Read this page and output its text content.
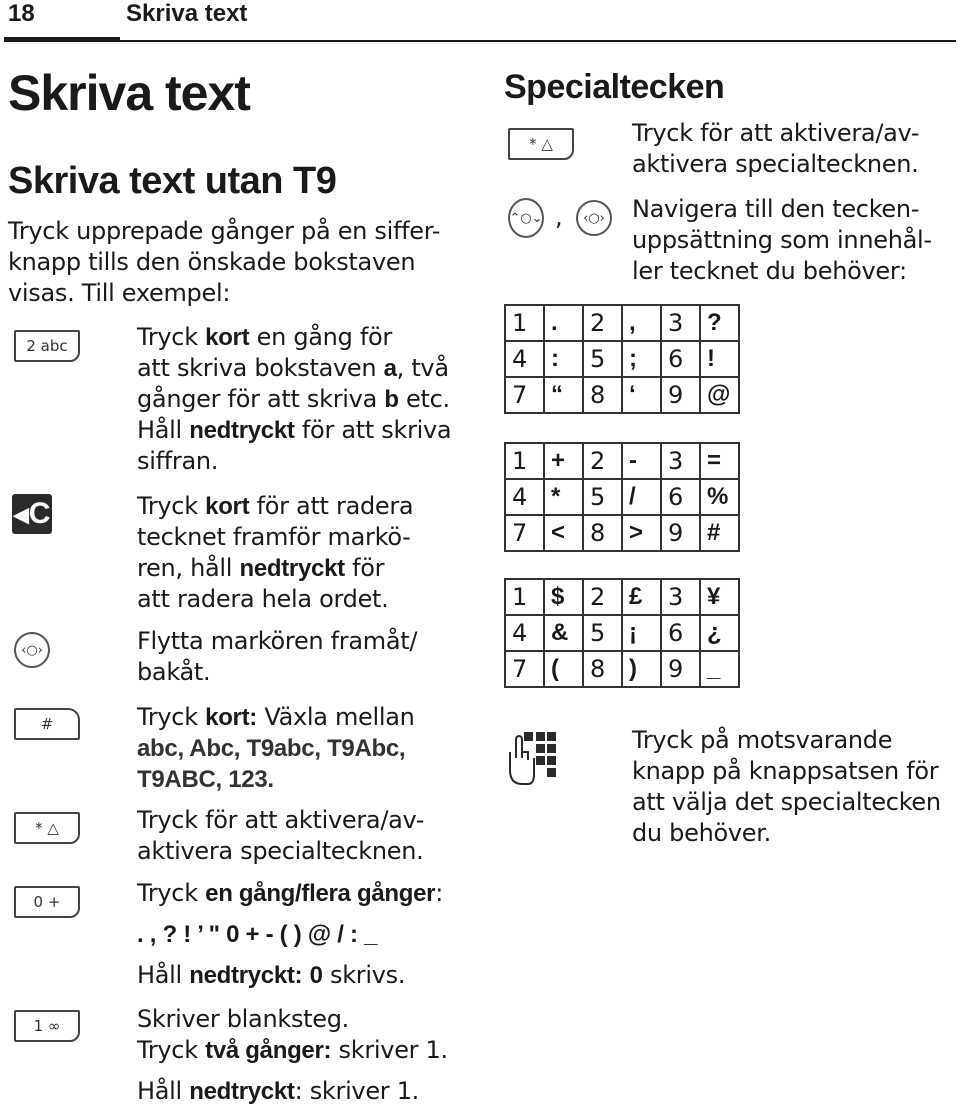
18	Skriva text
Skriva text
Skriva text utan T9
Tryck upprepade gånger på en siffer-knapp tills den önskade bokstaven visas. Till exempel:
2 abc	Tryck kort en gång för
att skriva bokstaven a, två
gånger för att skriva b etc.
Håll nedtryckt för att skriva
siffran.
◂ C	Tryck kort för att radera
tecknet framför markö-
ren, håll nedtryckt för
att radera hela ordet.
‹○›	Flytta markören framåt/
bakåt.
#	Tryck kort: Växla mellan
abc, Abc, T9abc, T9Abc,
T9ABC, 123.
* △	Tryck för att aktivera/av-
aktivera specialtecknen.
0 +	Tryck en gång/flera gånger:
. , ? ! ’ " 0 + - ( ) @ / : _
Håll nedtryckt: 0 skrivs.
1 ∞	Skriver blanksteg.
Tryck två gånger: skriver 1.
Håll nedtryckt: skriver 1.
Specialtecken
* △	Tryck för att aktivera/av-
aktivera specialtecknen.
⌃○⌄ ,	‹○› Navigera till den tecken-
uppsättning som innehål-
ler tecknet du behöver:
1	.	2	,	3	?
4	:	5	;	6	!
7	“	8	‘	9	@
1	+	2	-	3	=
4	*	5	/	6	%
7	<	8	>	9	#
1	$	2	£	3	¥
4	&	5	¡	6	¿
7	(	8	)	9	_
Tryck på motsvarande
knapp på knappsatsen för
att välja det specialtecken
du behöver.
